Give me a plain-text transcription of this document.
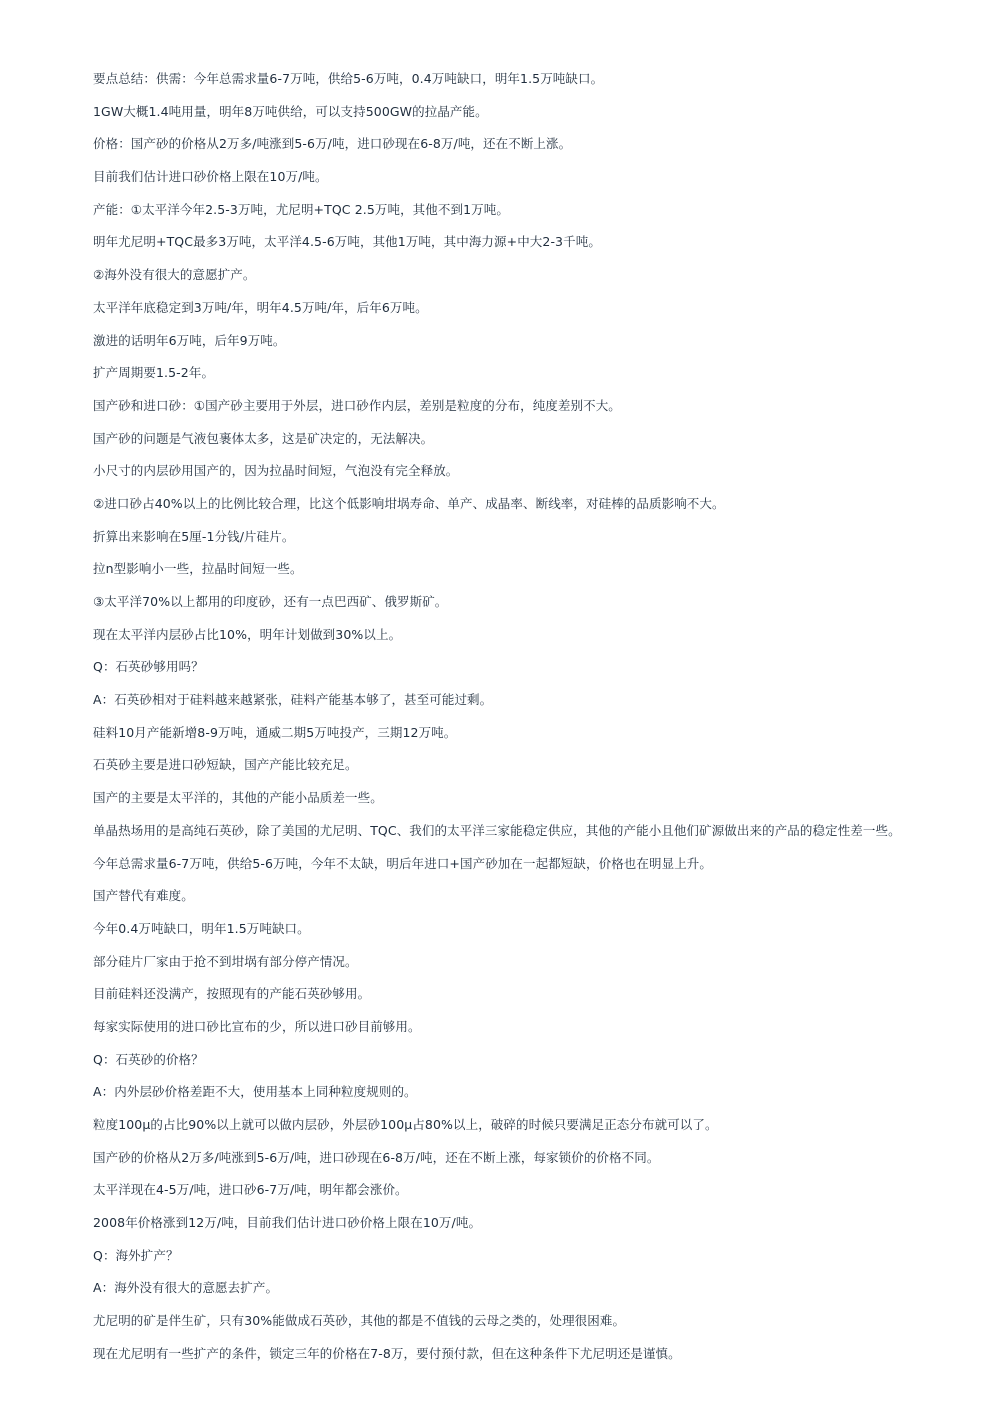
要点总结：供需：今年总需求量6-7万吨，供给5-6万吨，0.4万吨缺口，明年1.5万吨缺口。
1GW大概1.4吨用量，明年8万吨供给，可以支持500GW的拉晶产能。
价格：国产砂的价格从2万多/吨涨到5-6万/吨，进口砂现在6-8万/吨，还在不断上涨。
目前我们估计进口砂价格上限在10万/吨。
产能：①太平洋今年2.5-3万吨，尤尼明+TQC 2.5万吨，其他不到1万吨。
明年尤尼明+TQC最多3万吨，太平洋4.5-6万吨，其他1万吨，其中海力源+中大2-3千吨。
②海外没有很大的意愿扩产。
太平洋年底稳定到3万吨/年，明年4.5万吨/年，后年6万吨。
激进的话明年6万吨，后年9万吨。
扩产周期要1.5-2年。
国产砂和进口砂：①国产砂主要用于外层，进口砂作内层，差别是粒度的分布，纯度差别不大。
国产砂的问题是气液包裹体太多，这是矿决定的，无法解决。
小尺寸的内层砂用国产的，因为拉晶时间短，气泡没有完全释放。
②进口砂占40%以上的比例比较合理，比这个低影响坩埚寿命、单产、成晶率、断线率，对硅棒的品质影响不大。
折算出来影响在5厘-1分钱/片硅片。
拉n型影响小一些，拉晶时间短一些。
③太平洋70%以上都用的印度砂，还有一点巴西矿、俄罗斯矿。
现在太平洋内层砂占比10%，明年计划做到30%以上。
Q：石英砂够用吗？
A：石英砂相对于硅料越来越紧张，硅料产能基本够了，甚至可能过剩。
硅料10月产能新增8-9万吨，通威二期5万吨投产，三期12万吨。
石英砂主要是进口砂短缺，国产产能比较充足。
国产的主要是太平洋的，其他的产能小品质差一些。
单晶热场用的是高纯石英砂，除了美国的尤尼明、TQC、我们的太平洋三家能稳定供应，其他的产能小且他们矿源做出来的产品的稳定性差一些。
今年总需求量6-7万吨，供给5-6万吨，今年不太缺，明后年进口+国产砂加在一起都短缺，价格也在明显上升。
国产替代有难度。
今年0.4万吨缺口，明年1.5万吨缺口。
部分硅片厂家由于抢不到坩埚有部分停产情况。
目前硅料还没满产，按照现有的产能石英砂够用。
每家实际使用的进口砂比宣布的少，所以进口砂目前够用。
Q：石英砂的价格？
A：内外层砂价格差距不大，使用基本上同种粒度规则的。
粒度100μ的占比90%以上就可以做内层砂，外层砂100μ占80%以上，破碎的时候只要满足正态分布就可以了。
国产砂的价格从2万多/吨涨到5-6万/吨，进口砂现在6-8万/吨，还在不断上涨，每家锁价的价格不同。
太平洋现在4-5万/吨，进口砂6-7万/吨，明年都会涨价。
2008年价格涨到12万/吨，目前我们估计进口砂价格上限在10万/吨。
Q：海外扩产？
A：海外没有很大的意愿去扩产。
尤尼明的矿是伴生矿，只有30%能做成石英砂，其他的都是不值钱的云母之类的，处理很困难。
现在尤尼明有一些扩产的条件，锁定三年的价格在7-8万，要付预付款，但在这种条件下尤尼明还是谨慎。
